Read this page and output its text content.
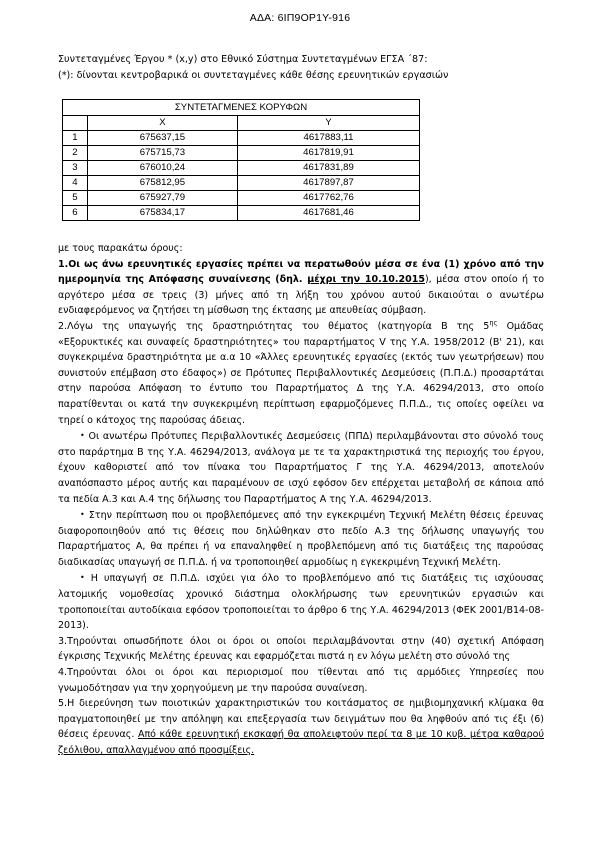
ΑΔΑ: 6ΙΠ9ΟΡ1Υ-916
Συντεταγμένες Έργου * (x,y) στο Εθνικό Σύστημα Συντεταγμένων ΕΓΣΑ ΄87:
(*): δίνονται κεντροβαρικά οι συντεταγμένες κάθε θέσης ερευνητικών εργασιών
ΣΥΝΤΕΤΑΓΜΕΝΕΣ ΚΟΡΥΦΩΝ		
	X	Y
1	675637,15	4617883,11
2	675715,73	4617819,91
3	676010,24	4617831,89
4	675812,95	4617897,87
5	675927,79	4617762,76
6	675834,17	4617681,46

με τους παρακάτω όρους:

1.Οι ως άνω ερευνητικές εργασίες πρέπει να περατωθούν μέσα σε ένα (1) χρόνο από την ημερομηνία της Απόφασης συναίνεσης (δηλ. μέχρι την 10.10.2015), μέσα στον οποίο ή το αργότερο μέσα σε τρεις (3) μήνες από τη λήξη του χρόνου αυτού δικαιούται ο ανωτέρω ενδιαφερόμενος να ζητήσει τη μίσθωση της έκτασης με απευθείας σύμβαση.

2.Λόγω της υπαγωγής της δραστηριότητας του θέματος (κατηγορία Β της $5^{\eta\varsigma}$ Ομάδας «Εξορυκτικές και συναφείς δραστηριότητες» του παραρτήματος V της Υ.Α. 1958/2012 (Β' 21), και συγκεκριμένα δραστηριότητα με α.α 10 «Άλλες ερευνητικές εργασίες (εκτός των γεωτρήσεων) που συνιστούν επέμβαση στο έδαφος») σε Πρότυπες Περιβαλλοντικές Δεσμεύσεις (Π.Π.Δ.) προσαρτάται στην παρούσα Απόφαση το έντυπο του Παραρτήματος Δ της Υ.Α. 46294/2013, στο οποίο παρατίθενται οι κατά την συγκεκριμένη περίπτωση εφαρμοζόμενες Π.Π.Δ., τις οποίες οφείλει να τηρεί ο κάτοχος της παρούσας άδειας.

• Οι ανωτέρω Πρότυπες Περιβαλλοντικές Δεσμεύσεις (ΠΠΔ) περιλαμβάνονται στο σύνολό τους στο παράρτημα Β της Υ.Α. 46294/2013, ανάλογα με τε τα χαρακτηριστικά της περιοχής του έργου, έχουν καθοριστεί από τον πίνακα του Παραρτήματος Γ της Υ.Α. 46294/2013, αποτελούν αναπόσπαστο μέρος αυτής και παραμένουν σε ισχύ εφόσον δεν επέρχεται μεταβολή σε κάποια από τα πεδία Α.3 και Α.4 της δήλωσης του Παραρτήματος Α της Υ.Α. 46294/2013.

• Στην περίπτωση που οι προβλεπόμενες από την εγκεκριμένη Τεχνική Μελέτη θέσεις έρευνας διαφοροποιηθούν από τις θέσεις που δηλώθηκαν στο πεδίο Α.3 της δήλωσης υπαγωγής του Παραρτήματος Α, θα πρέπει ή να επαναληφθεί η προβλεπόμενη από τις διατάξεις της παρούσας διαδικασίας υπαγωγή σε Π.Π.Δ. ή να τροποποιηθεί αρμοδίως η εγκεκριμένη Τεχνική Μελέτη.

• Η υπαγωγή σε Π.Π.Δ. ισχύει για όλο το προβλεπόμενο από τις διατάξεις τις ισχύουσας λατομικής νομοθεσίας χρονικό διάστημα ολοκλήρωσης των ερευνητικών εργασιών και τροποποιείται αυτοδίκαια εφόσον τροποποιείται το άρθρο 6 της Υ.Α. 46294/2013 (ΦΕΚ 2001/Β14-08-2013).

3.Τηρούνται οπωσδήποτε όλοι οι όροι οι οποίοι περιλαμβάνονται στην (40) σχετική Απόφαση έγκρισης Τεχνικής Μελέτης έρευνας και εφαρμόζεται πιστά η εν λόγω μελέτη στο σύνολό της

4.Τηρούνται όλοι οι όροι και περιορισμοί που τίθενται από τις αρμόδιες Υπηρεσίες που γνωμοδότησαν για την χορηγούμενη με την παρούσα συναίνεση.

5.Η διερεύνηση των ποιοτικών χαρακτηριστικών του κοιτάσματος σε ημιβιομηχανική κλίμακα θα πραγματοποιηθεί με την απόληψη και επεξεργασία των δειγμάτων που θα ληφθούν από τις έξι (6) θέσεις έρευνας. Από κάθε ερευνητική εκσκαφή θα απολειφτούν περί τα 8 με 10 κυβ. μέτρα καθαρού ζεόλιθου, απαλλαγμένου από προσμίξεις.
